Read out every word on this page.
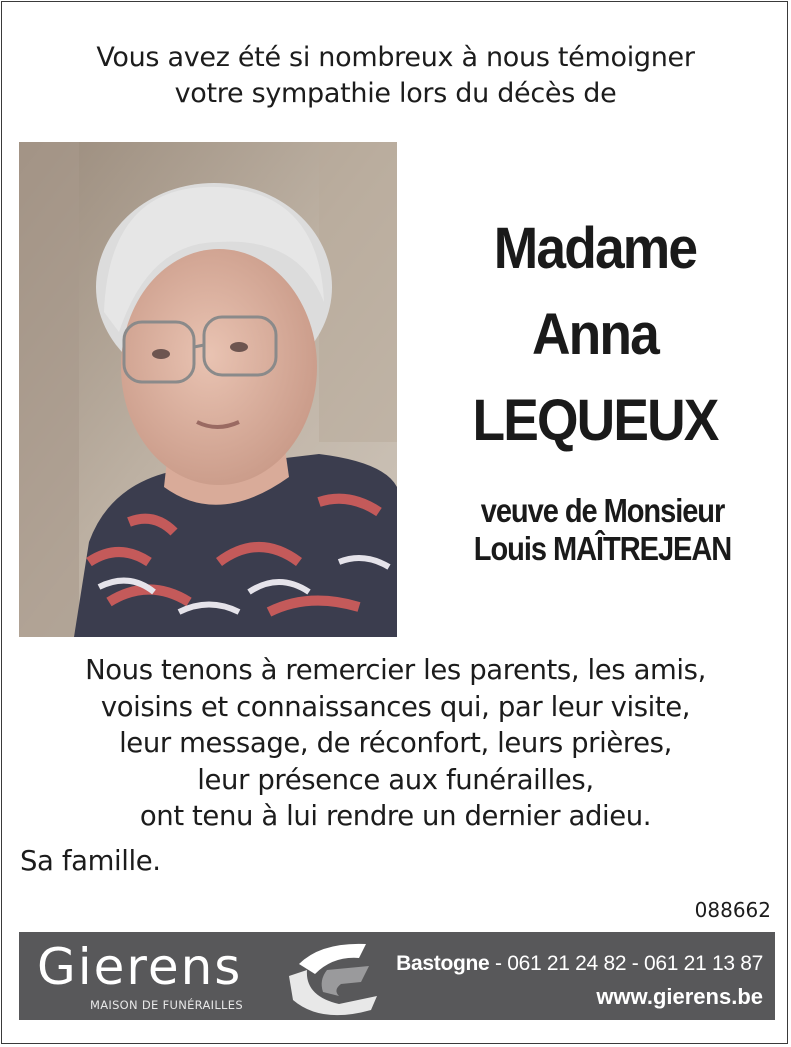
Vous avez été si nombreux à nous témoigner
votre sympathie lors du décès de
Madame
Anna
LEQUEUX
veuve de Monsieur
Louis MAÎTREJEAN
Nous tenons à remercier les parents, les amis,
voisins et connaissances qui, par leur visite,
leur message, de réconfort, leurs prières,
leur présence aux funérailles,
ont tenu à lui rendre un dernier adieu.
Sa famille.
088662
Gierens
MAISON DE FUNÉRAILLES
Bastogne - 061 21 24 82 - 061 21 13 87
www.gierens.be
